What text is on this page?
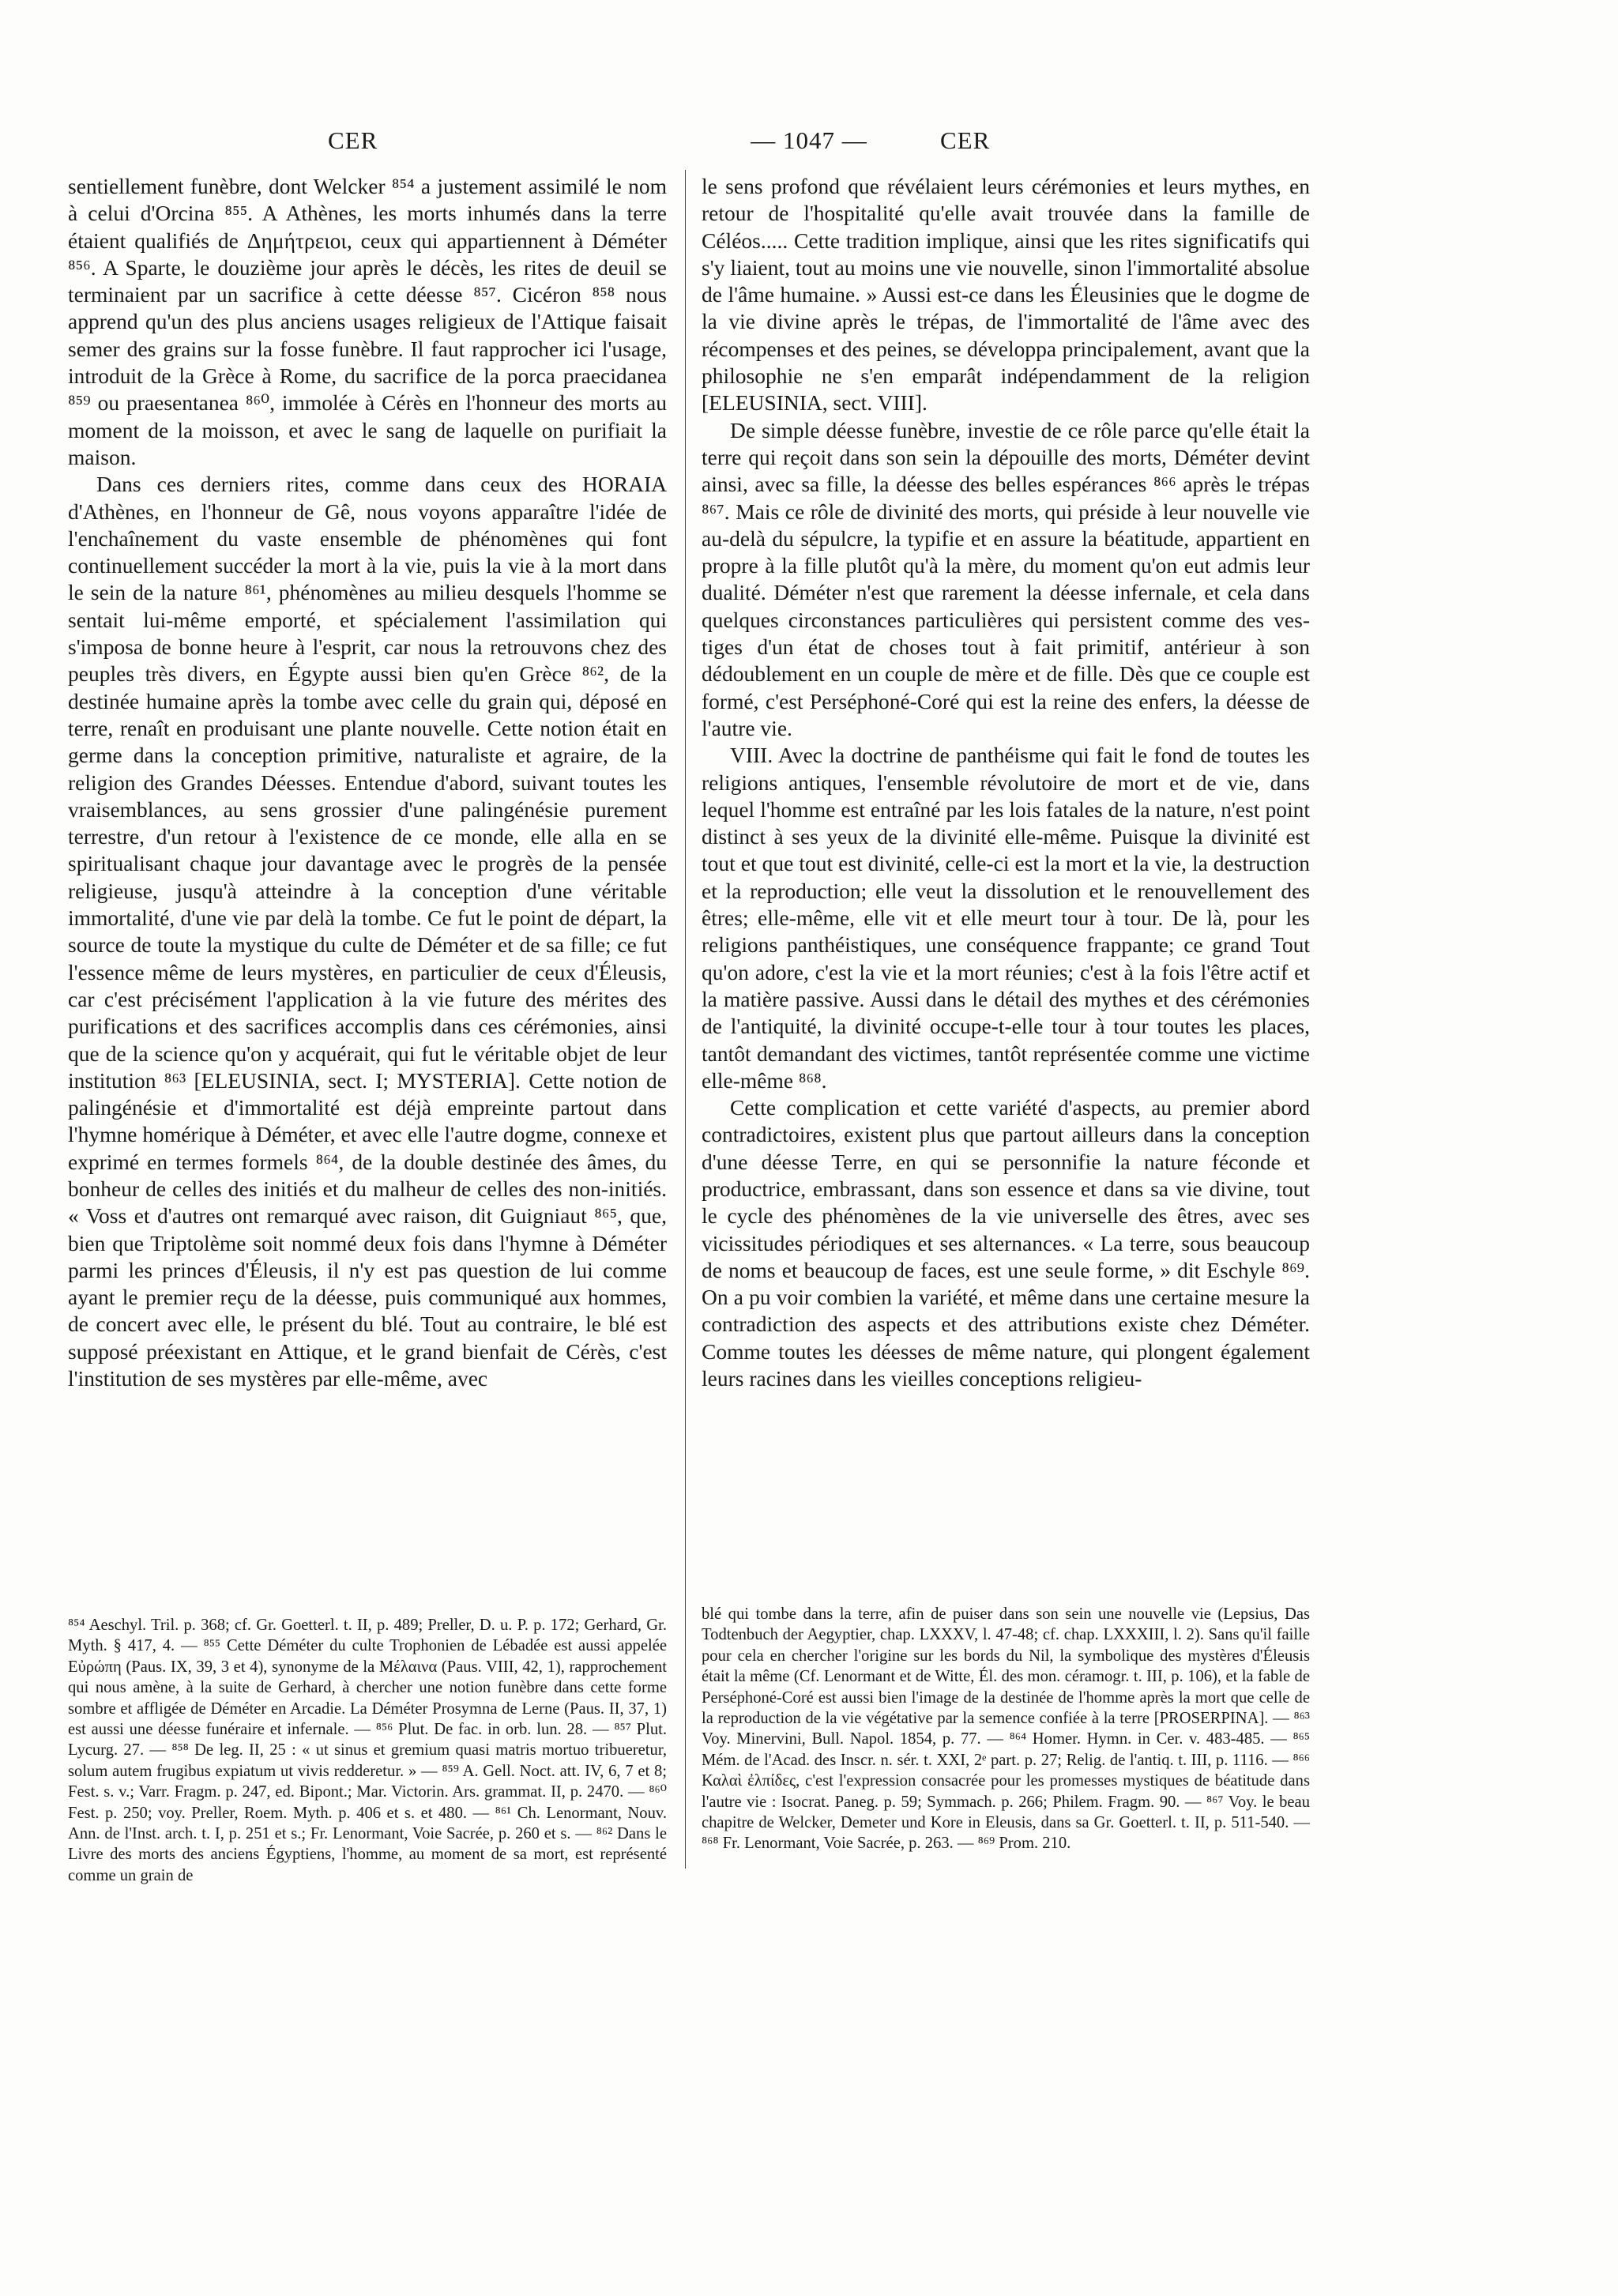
CER	— 1047 —	CER

sentiellement funèbre, dont Welcker ⁸⁵⁴ a justement assimilé le nom à celui d'Orcina ⁸⁵⁵. A Athènes, les morts inhumés dans la terre étaient qualifiés de Δημήτρειοι, ceux qui appartiennent à Déméter ⁸⁵⁶. A Sparte, le douzième jour après le décès, les rites de deuil se terminaient par un sacrifice à cette déesse ⁸⁵⁷. Cicéron ⁸⁵⁸ nous apprend qu'un des plus anciens usages religieux de l'Attique faisait semer des grains sur la fosse funèbre. Il faut rapprocher ici l'usage, introduit de la Grèce à Rome, du sacrifice de la porca praecidanea ⁸⁵⁹ ou praesentanea ⁸⁶⁰, immolée à Cérès en l'honneur des morts au moment de la moisson, et avec le sang de laquelle on purifiait la maison.

Dans ces derniers rites, comme dans ceux des HORAIA d'Athènes, en l'honneur de Gê, nous voyons apparaître l'idée de l'enchaînement du vaste ensemble de phénomènes qui font continuellement succéder la mort à la vie, puis la vie à la mort dans le sein de la nature ⁸⁶¹, phénomènes au milieu desquels l'homme se sentait lui-même emporté, et spécialement l'assimilation qui s'imposa de bonne heure à l'esprit, car nous la retrouvons chez des peuples très divers, en Égypte aussi bien qu'en Grèce ⁸⁶², de la destinée humaine après la tombe avec celle du grain qui, déposé en terre, renaît en produisant une plante nouvelle. Cette notion était en germe dans la conception primitive, naturaliste et agraire, de la religion des Grandes Déesses. Entendue d'abord, suivant toutes les vraisemblances, au sens grossier d'une palingénésie purement terrestre, d'un retour à l'existence de ce monde, elle alla en se spiritualisant chaque jour davantage avec le progrès de la pensée religieuse, jusqu'à atteindre à la conception d'une véritable immortalité, d'une vie par delà la tombe. Ce fut le point de départ, la source de toute la mystique du culte de Déméter et de sa fille; ce fut l'essence même de leurs mystères, en particulier de ceux d'Éleusis, car c'est précisément l'application à la vie future des mérites des purifications et des sacrifices accomplis dans ces cérémonies, ainsi que de la science qu'on y acquérait, qui fut le véritable objet de leur institution ⁸⁶³ [ELEUSINIA, sect. I; MYSTERIA]. Cette notion de palingénésie et d'immortalité est déjà empreinte partout dans l'hymne homérique à Déméter, et avec elle l'autre dogme, connexe et exprimé en termes formels ⁸⁶⁴, de la double destinée des âmes, du bonheur de celles des initiés et du malheur de celles des non-initiés. « Voss et d'autres ont remarqué avec raison, dit Guigniaut ⁸⁶⁵, que, bien que Triptolème soit nommé deux fois dans l'hymne à Déméter parmi les princes d'Éleusis, il n'y est pas question de lui comme ayant le premier reçu de la déesse, puis communiqué aux hommes, de concert avec elle, le présent du blé. Tout au contraire, le blé est supposé préexistant en Attique, et le grand bienfait de Cérès, c'est l'institution de ses mystères par elle-même, avec

le sens profond que révélaient leurs cérémonies et leurs mythes, en retour de l'hospitalité qu'elle avait trouvée dans la famille de Céléos..... Cette tradition implique, ainsi que les rites significatifs qui s'y liaient, tout au moins une vie nouvelle, sinon l'immortalité absolue de l'âme humaine. » Aussi est-ce dans les Éleusinies que le dogme de la vie divine après le trépas, de l'immortalité de l'âme avec des récompenses et des peines, se développa principalement, avant que la philosophie ne s'en emparât indépendamment de la religion [ELEUSINIA, sect. VIII].

De simple déesse funèbre, investie de ce rôle parce qu'elle était la terre qui reçoit dans son sein la dépouille des morts, Déméter devint ainsi, avec sa fille, la déesse des belles espérances ⁸⁶⁶ après le trépas ⁸⁶⁷. Mais ce rôle de divinité des morts, qui préside à leur nouvelle vie au-delà du sépulcre, la typifie et en assure la béatitude, appartient en propre à la fille plutôt qu'à la mère, du moment qu'on eut admis leur dualité. Déméter n'est que rarement la déesse infernale, et cela dans quelques circonstances particulières qui persistent comme des vestiges d'un état de choses tout à fait primitif, antérieur à son dédoublement en un couple de mère et de fille. Dès que ce couple est formé, c'est Perséphoné-Coré qui est la reine des enfers, la déesse de l'autre vie.

VIII. Avec la doctrine de panthéisme qui fait le fond de toutes les religions antiques, l'ensemble révolutoire de mort et de vie, dans lequel l'homme est entraîné par les lois fatales de la nature, n'est point distinct à ses yeux de la divinité elle-même. Puisque la divinité est tout et que tout est divinité, celle-ci est la mort et la vie, la destruction et la reproduction; elle veut la dissolution et le renouvellement des êtres; elle-même, elle vit et elle meurt tour à tour. De là, pour les religions panthéistiques, une conséquence frappante; ce grand Tout qu'on adore, c'est la vie et la mort réunies; c'est à la fois l'être actif et la matière passive. Aussi dans le détail des mythes et des cérémonies de l'antiquité, la divinité occupe-t-elle tour à tour toutes les places, tantôt demandant des victimes, tantôt représentée comme une victime elle-même ⁸⁶⁸.

Cette complication et cette variété d'aspects, au premier abord contradictoires, existent plus que partout ailleurs dans la conception d'une déesse Terre, en qui se personnifie la nature féconde et productrice, embrassant, dans son essence et dans sa vie divine, tout le cycle des phénomènes de la vie universelle des êtres, avec ses vicissitudes périodiques et ses alternances. « La terre, sous beaucoup de noms et beaucoup de faces, est une seule forme, » dit Eschyle ⁸⁶⁹. On a pu voir combien la variété, et même dans une certaine mesure la contradiction des aspects et des attributions existe chez Déméter. Comme toutes les déesses de même nature, qui plongent également leurs racines dans les vieilles conceptions religieu-

⁸⁵⁴ Aeschyl. Tril. p. 368; cf. Gr. Goetterl. t. II, p. 489; Preller, D. u. P. p. 172; Gerhard, Gr. Myth. § 417, 4. — ⁸⁵⁵ Cette Déméter du culte Trophonien de Lébadée est aussi appelée Εὐρώπη (Paus. IX, 39, 3 et 4), synonyme de la Μέλαινα (Paus. VIII, 42, 1), rapprochement qui nous amène, à la suite de Gerhard, à chercher une notion funèbre dans cette forme sombre et affligée de Déméter en Arcadie. La Déméter Prosymna de Lerne (Paus. II, 37, 1) est aussi une déesse funéraire et infernale. — ⁸⁵⁶ Plut. De fac. in orb. lun. 28. — ⁸⁵⁷ Plut. Lycurg. 27. — ⁸⁵⁸ De leg. II, 25 : « ut sinus et gremium quasi matris mortuo tribueretur, solum autem frugibus expiatum ut vivis redderetur. » — ⁸⁵⁹ A. Gell. Noct. att. IV, 6, 7 et 8; Fest. s. v.; Varr. Fragm. p. 247, ed. Bipont.; Mar. Victorin. Ars. grammat. II, p. 2470. — ⁸⁶⁰ Fest. p. 250; voy. Preller, Roem. Myth. p. 406 et s. et 480. — ⁸⁶¹ Ch. Lenormant, Nouv. Ann. de l'Inst. arch. t. I, p. 251 et s.; Fr. Lenormant, Voie Sacrée, p. 260 et s. — ⁸⁶² Dans le Livre des morts des anciens Égyptiens, l'homme, au moment de sa mort, est représenté comme un grain de

blé qui tombe dans la terre, afin de puiser dans son sein une nouvelle vie (Lepsius, Das Todtenbuch der Aegyptier, chap. LXXXV, l. 47-48; cf. chap. LXXXIII, l. 2). Sans qu'il faille pour cela en chercher l'origine sur les bords du Nil, la symbolique des mystères d'Éleusis était la même (Cf. Lenormant et de Witte, Él. des mon. céramogr. t. III, p. 106), et la fable de Perséphoné-Coré est aussi bien l'image de la destinée de l'homme après la mort que celle de la reproduction de la vie végétative par la semence confiée à la terre [PROSERPINA]. — ⁸⁶³ Voy. Minervini, Bull. Napol. 1854, p. 77. — ⁸⁶⁴ Homer. Hymn. in Cer. v. 483-485. — ⁸⁶⁵ Mém. de l'Acad. des Inscr. n. sér. t. XXI, 2ᵉ part. p. 27; Relig. de l'antiq. t. III, p. 1116. — ⁸⁶⁶ Καλαὶ ἐλπίδες, c'est l'expression consacrée pour les promesses mystiques de béatitude dans l'autre vie : Isocrat. Paneg. p. 59; Symmach. p. 266; Philem. Fragm. 90. — ⁸⁶⁷ Voy. le beau chapitre de Welcker, Demeter und Kore in Eleusis, dans sa Gr. Goetterl. t. II, p. 511-540. — ⁸⁶⁸ Fr. Lenormant, Voie Sacrée, p. 263. — ⁸⁶⁹ Prom. 210.
